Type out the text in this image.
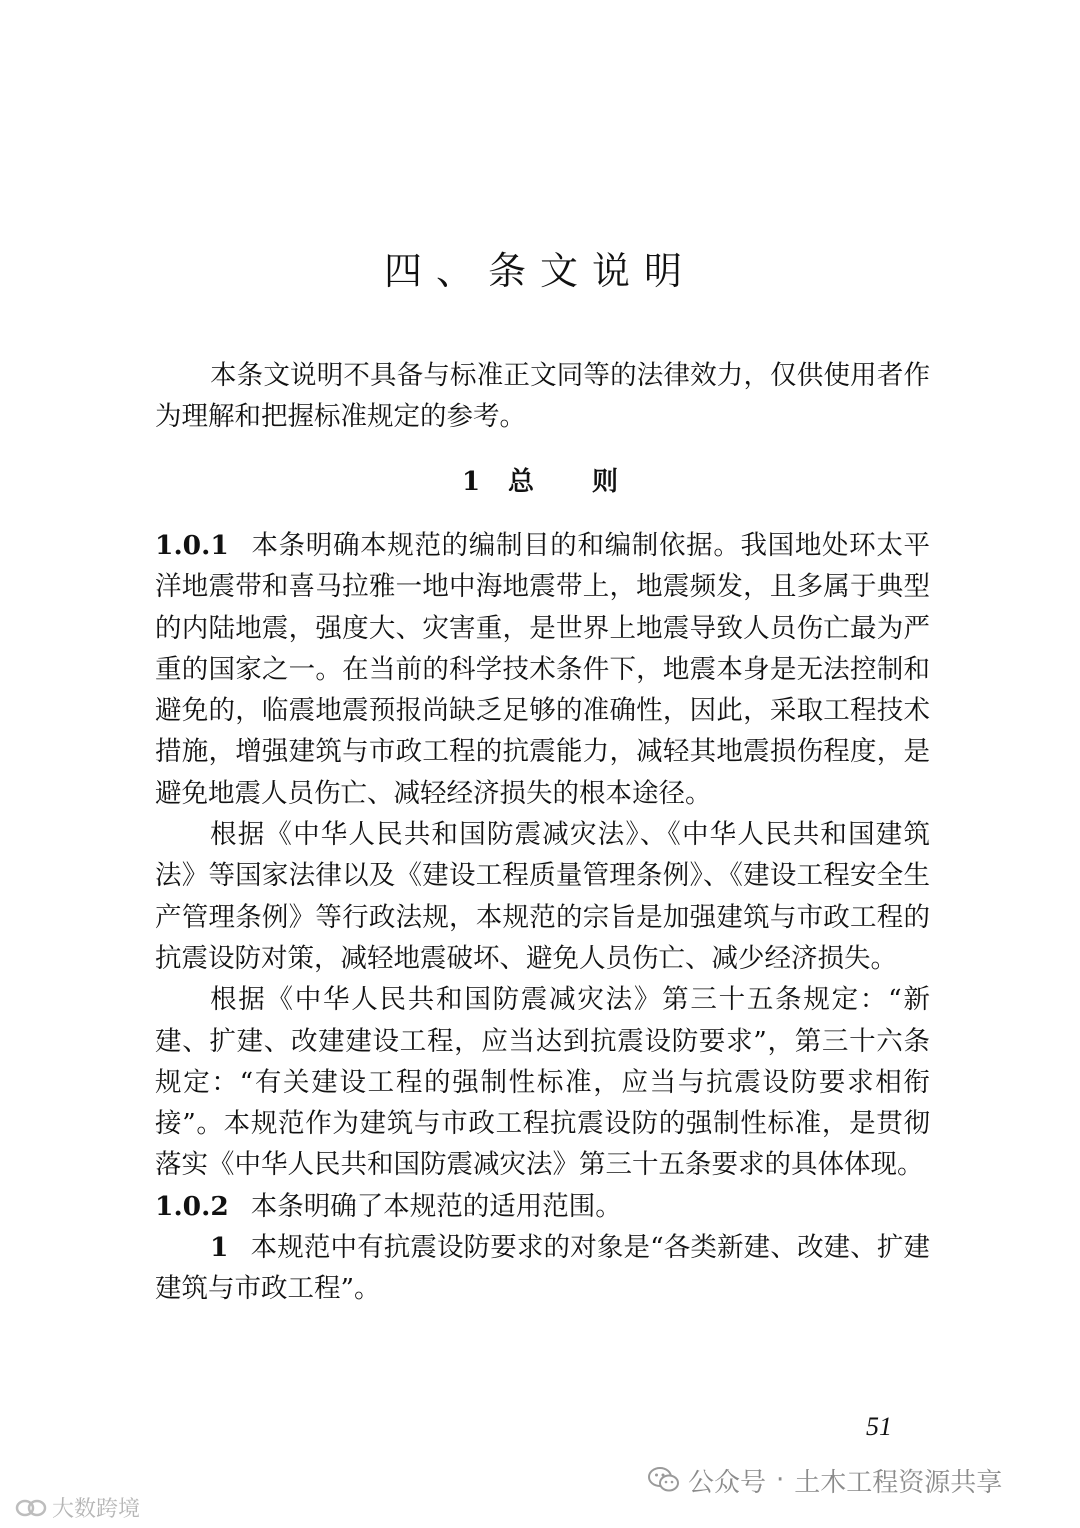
四、条文说明

本条文说明不具备与标准正文同等的法律效力，仅供使用者作为理解和把握标准规定的参考。

1 总 则

1.0.1 本条明确本规范的编制目的和编制依据。我国地处环太平洋地震带和喜马拉雅一地中海地震带上，地震频发，且多属于典型的内陆地震，强度大、灾害重，是世界上地震导致人员伤亡最为严重的国家之一。在当前的科学技术条件下，地震本身是无法控制和避免的，临震地震预报尚缺乏足够的准确性，因此，采取工程技术措施，增强建筑与市政工程的抗震能力，减轻其地震损伤程度，是避免地震人员伤亡、减轻经济损失的根本途径。

根据《中华人民共和国防震减灾法》、《中华人民共和国建筑法》等国家法律以及《建设工程质量管理条例》、《建设工程安全生产管理条例》等行政法规，本规范的宗旨是加强建筑与市政工程的抗震设防对策，减轻地震破坏、避免人员伤亡、减少经济损失。

根据《中华人民共和国防震减灾法》第三十五条规定：“新建、扩建、改建建设工程，应当达到抗震设防要求”，第三十六条规定：“有关建设工程的强制性标准，应当与抗震设防要求相衔接”。本规范作为建筑与市政工程抗震设防的强制性标准，是贯彻落实《中华人民共和国防震减灾法》第三十五条要求的具体体现。

1.0.2 本条明确了本规范的适用范围。

1 本规范中有抗震设防要求的对象是“各类新建、改建、扩建建筑与市政工程”。

51

公众号 · 土木工程资源共享
大数跨境
